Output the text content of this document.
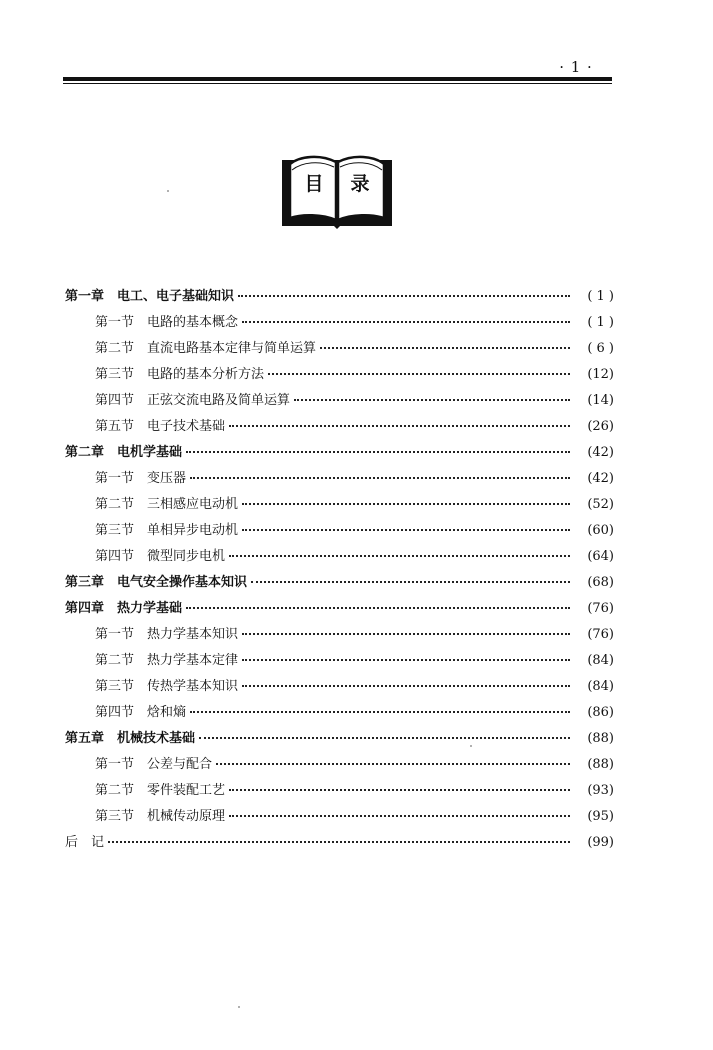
· 1 ·
目 录
第一章 电工、电子基础知识	( 1 )
第一节 电路的基本概念	( 1 )
第二节 直流电路基本定律与简单运算	( 6 )
第三节 电路的基本分析方法	(12)
第四节 正弦交流电路及简单运算	(14)
第五节 电子技术基础	(26)
第二章 电机学基础	(42)
第一节 变压器	(42)
第二节 三相感应电动机	(52)
第三节 单相异步电动机	(60)
第四节 微型同步电机	(64)
第三章 电气安全操作基本知识	(68)
第四章 热力学基础	(76)
第一节 热力学基本知识	(76)
第二节 热力学基本定律	(84)
第三节 传热学基本知识	(84)
第四节 焓和熵	(86)
第五章 机械技术基础	(88)
第一节 公差与配合	(88)
第二节 零件装配工艺	(93)
第三节 机械传动原理	(95)
后　记	(99)
